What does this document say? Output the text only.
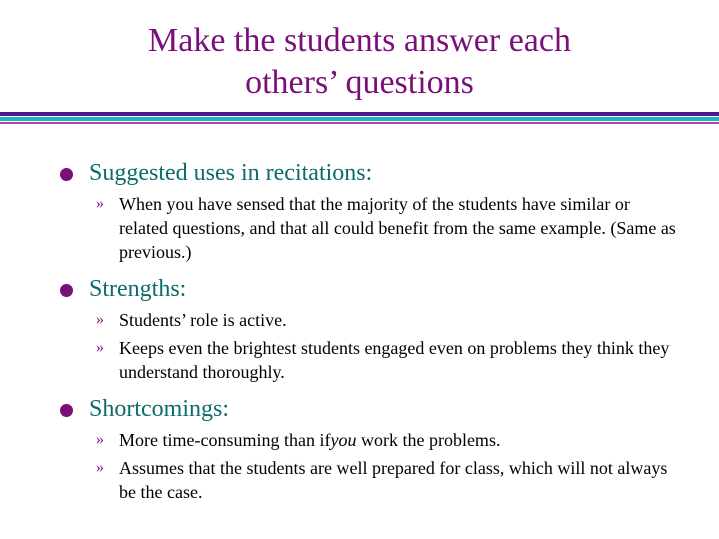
Make the students answer each
others’ questions
Suggested uses in recitations:
» When you have sensed that the majority of the students have similar or related questions, and that all could benefit from the same example. (Same as previous.)
Strengths:
» Students’ role is active.
» Keeps even the brightest students engaged even on problems they think they understand thoroughly.
Shortcomings:
» More time-consuming than ifyou work the problems.
» Assumes that the students are well prepared for class, which will not always be the case.
